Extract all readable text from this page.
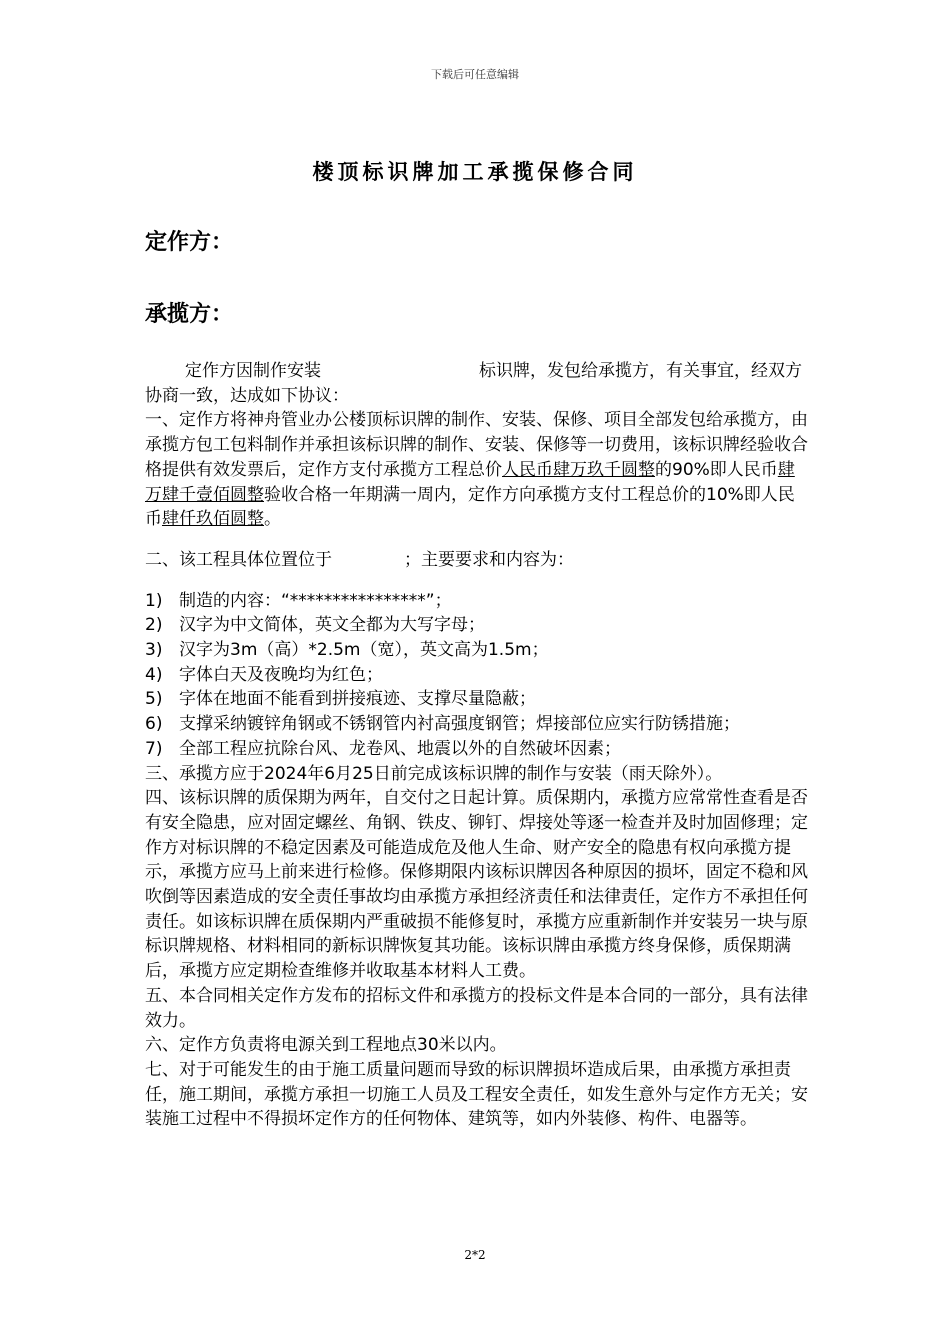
下载后可任意编辑
楼顶标识牌加工承揽保修合同
定作方：
承揽方：

定作方因制作安装	标识牌，发包给承揽方，有关事宜，经双方协商一致，达成如下协议：

一、定作方将神舟管业办公楼顶标识牌的制作、安装、保修、项目全部发包给承揽方，由承揽方包工包料制作并承担该标识牌的制作、安装、保修等一切费用，该标识牌经验收合格提供有效发票后，定作方支付承揽方工程总价人民币肆万玖千圆整的90%即人民币肆万肆千壹佰圆整验收合格一年期满一周内，定作方向承揽方支付工程总价的10%即人民币肆仟玖佰圆整。

二、该工程具体位置位于	；主要要求和内容为：

1) 制造的内容：“****************”；

2) 汉字为中文简体，英文全都为大写字母；

3) 汉字为3m（高）*2.5m（宽），英文高为1.5m；

4) 字体白天及夜晚均为红色；

5) 字体在地面不能看到拼接痕迹、支撑尽量隐蔽；

6) 支撑采纳镀锌角钢或不锈钢管内衬高强度钢管；焊接部位应实行防锈措施；

7) 全部工程应抗除台风、龙卷风、地震以外的自然破坏因素；

三、承揽方应于2024年6月25日前完成该标识牌的制作与安装（雨天除外）。

四、该标识牌的质保期为两年，自交付之日起计算。质保期内，承揽方应常常性查看是否有安全隐患，应对固定螺丝、角钢、铁皮、铆钉、焊接处等逐一检查并及时加固修理；定作方对标识牌的不稳定因素及可能造成危及他人生命、财产安全的隐患有权向承揽方提示，承揽方应马上前来进行检修。保修期限内该标识牌因各种原因的损坏，固定不稳和风吹倒等因素造成的安全责任事故均由承揽方承担经济责任和法律责任，定作方不承担任何责任。如该标识牌在质保期内严重破损不能修复时，承揽方应重新制作并安装另一块与原标识牌规格、材料相同的新标识牌恢复其功能。该标识牌由承揽方终身保修，质保期满后，承揽方应定期检查维修并收取基本材料人工费。

五、本合同相关定作方发布的招标文件和承揽方的投标文件是本合同的一部分，具有法律效力。

六、定作方负责将电源关到工程地点30米以内。

七、对于可能发生的由于施工质量问题而导致的标识牌损坏造成后果，由承揽方承担责任，施工期间，承揽方承担一切施工人员及工程安全责任，如发生意外与定作方无关；安装施工过程中不得损坏定作方的任何物体、建筑等，如内外装修、构件、电器等。

2*2
